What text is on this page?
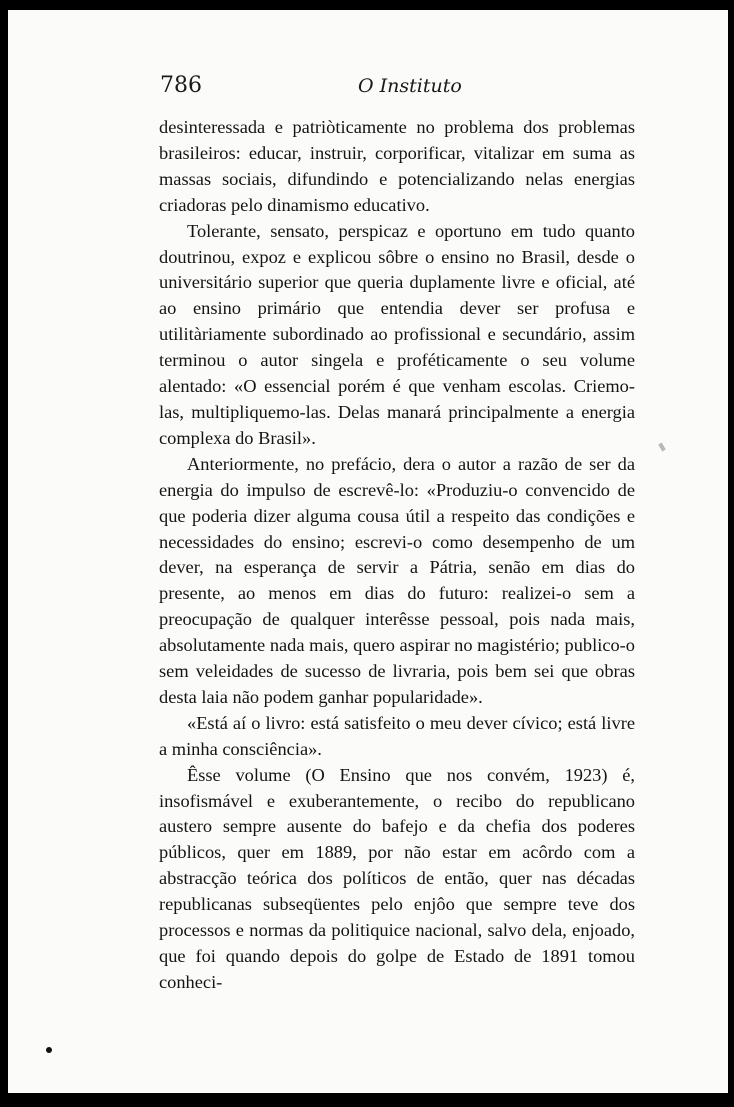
786	O Instituto

desinteressada e patriòticamente no problema dos problemas brasileiros: educar, instruir, corporificar, vitalizar em suma as massas sociais, difundindo e potencializando nelas energias criadoras pelo dinamismo educativo.

Tolerante, sensato, perspicaz e oportuno em tudo quanto doutrinou, expoz e explicou sôbre o ensino no Brasil, desde o universitário superior que queria duplamente livre e oficial, até ao ensino primário que entendia dever ser profusa e utilitàriamente subordinado ao profissional e secundário, assim terminou o autor singela e proféticamente o seu volume alentado: «O essencial porém é que venham escolas. Criemo-las, multipliquemo-las. Delas manará principalmente a energia complexa do Brasil».

Anteriormente, no prefácio, dera o autor a razão de ser da energia do impulso de escrevê-lo: «Produziu-o convencido de que poderia dizer alguma cousa útil a respeito das condições e necessidades do ensino; escrevi-o como desempenho de um dever, na esperança de servir a Pátria, senão em dias do presente, ao menos em dias do futuro: realizei-o sem a preocupação de qualquer interêsse pessoal, pois nada mais, absolutamente nada mais, quero aspirar no magistério; publico-o sem veleidades de sucesso de livraria, pois bem sei que obras desta laia não podem ganhar popularidade».

«Está aí o livro: está satisfeito o meu dever cívico; está livre a minha consciência».

Êsse volume (O Ensino que nos convém, 1923) é, insofismável e exuberantemente, o recibo do republicano austero sempre ausente do bafejo e da chefia dos poderes públicos, quer em 1889, por não estar em acôrdo com a abstracção teórica dos políticos de então, quer nas décadas republicanas subseqüentes pelo enjôo que sempre teve dos processos e normas da politiquice nacional, salvo dela, enjoado, que foi quando depois do golpe de Estado de 1891 tomou conheci-
